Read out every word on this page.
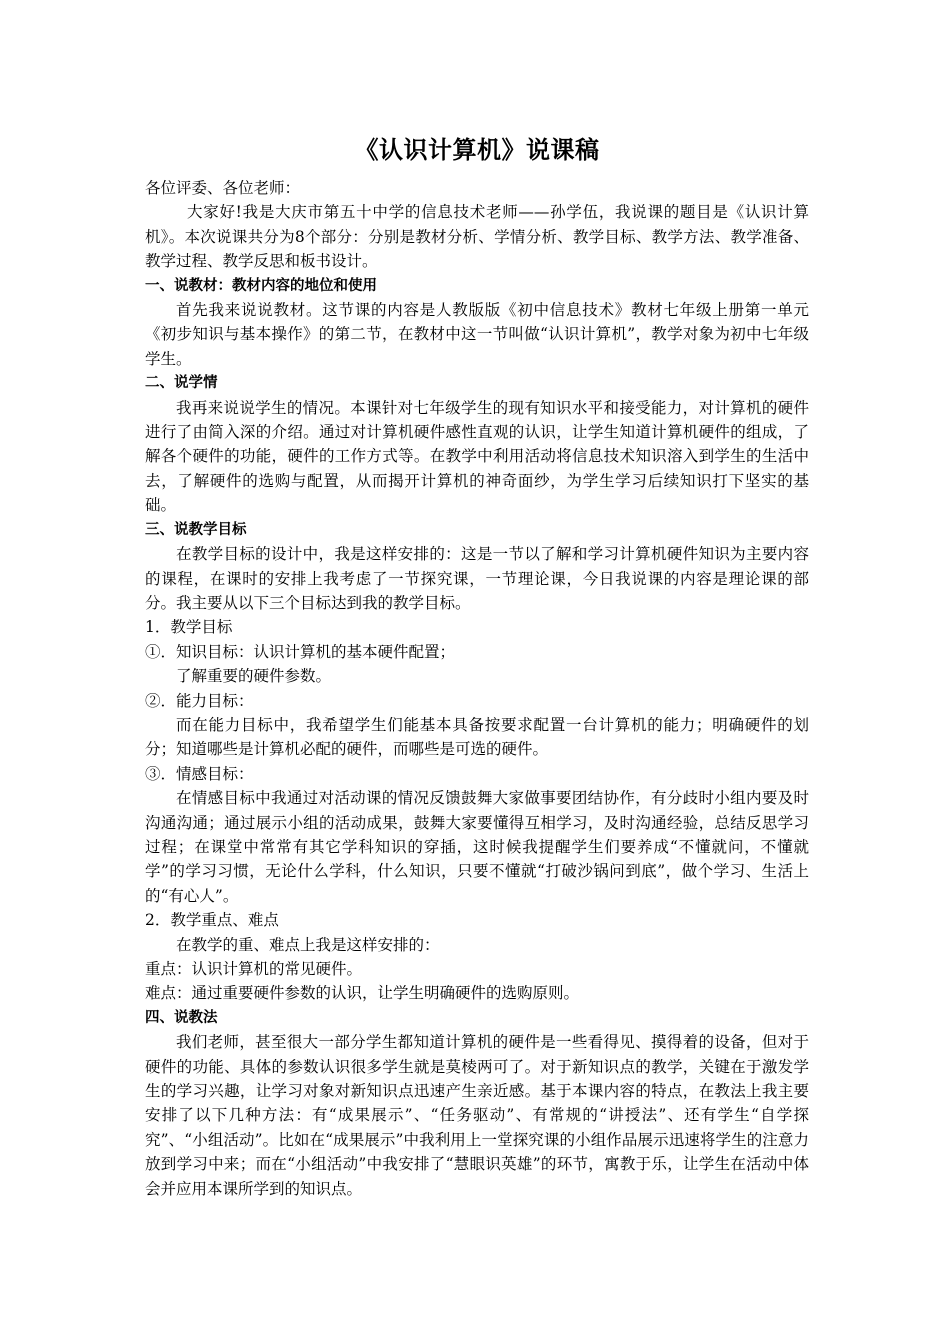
《认识计算机》说课稿

各位评委、各位老师：

大家好!我是大庆市第五十中学的信息技术老师——孙学伍，我说课的题目是《认识计算机》。本次说课共分为8个部分：分别是教材分析、学情分析、教学目标、教学方法、教学准备、教学过程、教学反思和板书设计。

一、说教材：教材内容的地位和使用

首先我来说说教材。这节课的内容是人教版版《初中信息技术》教材七年级上册第一单元《初步知识与基本操作》的第二节，在教材中这一节叫做“认识计算机”，教学对象为初中七年级学生。

二、说学情

我再来说说学生的情况。本课针对七年级学生的现有知识水平和接受能力，对计算机的硬件进行了由简入深的介绍。通过对计算机硬件感性直观的认识，让学生知道计算机硬件的组成，了解各个硬件的功能，硬件的工作方式等。在教学中利用活动将信息技术知识溶入到学生的生活中去，了解硬件的选购与配置，从而揭开计算机的神奇面纱，为学生学习后续知识打下坚实的基础。

三、说教学目标

在教学目标的设计中，我是这样安排的：这是一节以了解和学习计算机硬件知识为主要内容的课程，在课时的安排上我考虑了一节探究课，一节理论课，今日我说课的内容是理论课的部分。我主要从以下三个目标达到我的教学目标。

1．教学目标

①．知识目标：认识计算机的基本硬件配置；

了解重要的硬件参数。

②．能力目标：

而在能力目标中，我希望学生们能基本具备按要求配置一台计算机的能力；明确硬件的划分；知道哪些是计算机必配的硬件，而哪些是可选的硬件。

③．情感目标：

在情感目标中我通过对活动课的情况反馈鼓舞大家做事要团结协作，有分歧时小组内要及时沟通沟通；通过展示小组的活动成果，鼓舞大家要懂得互相学习，及时沟通经验，总结反思学习过程；在课堂中常常有其它学科知识的穿插，这时候我提醒学生们要养成“不懂就问，不懂就学”的学习习惯，无论什么学科，什么知识，只要不懂就“打破沙锅问到底”，做个学习、生活上的“有心人”。

2．教学重点、难点

在教学的重、难点上我是这样安排的：

重点：认识计算机的常见硬件。

难点：通过重要硬件参数的认识，让学生明确硬件的选购原则。

四、说教法

我们老师，甚至很大一部分学生都知道计算机的硬件是一些看得见、摸得着的设备，但对于硬件的功能、具体的参数认识很多学生就是莫棱两可了。对于新知识点的教学，关键在于激发学生的学习兴趣，让学习对象对新知识点迅速产生亲近感。基于本课内容的特点，在教法上我主要安排了以下几种方法：有“成果展示”、“任务驱动”、有常规的“讲授法”、还有学生“自学探究”、“小组活动”。比如在“成果展示”中我利用上一堂探究课的小组作品展示迅速将学生的注意力放到学习中来；而在“小组活动”中我安排了“慧眼识英雄”的环节，寓教于乐，让学生在活动中体会并应用本课所学到的知识点。
